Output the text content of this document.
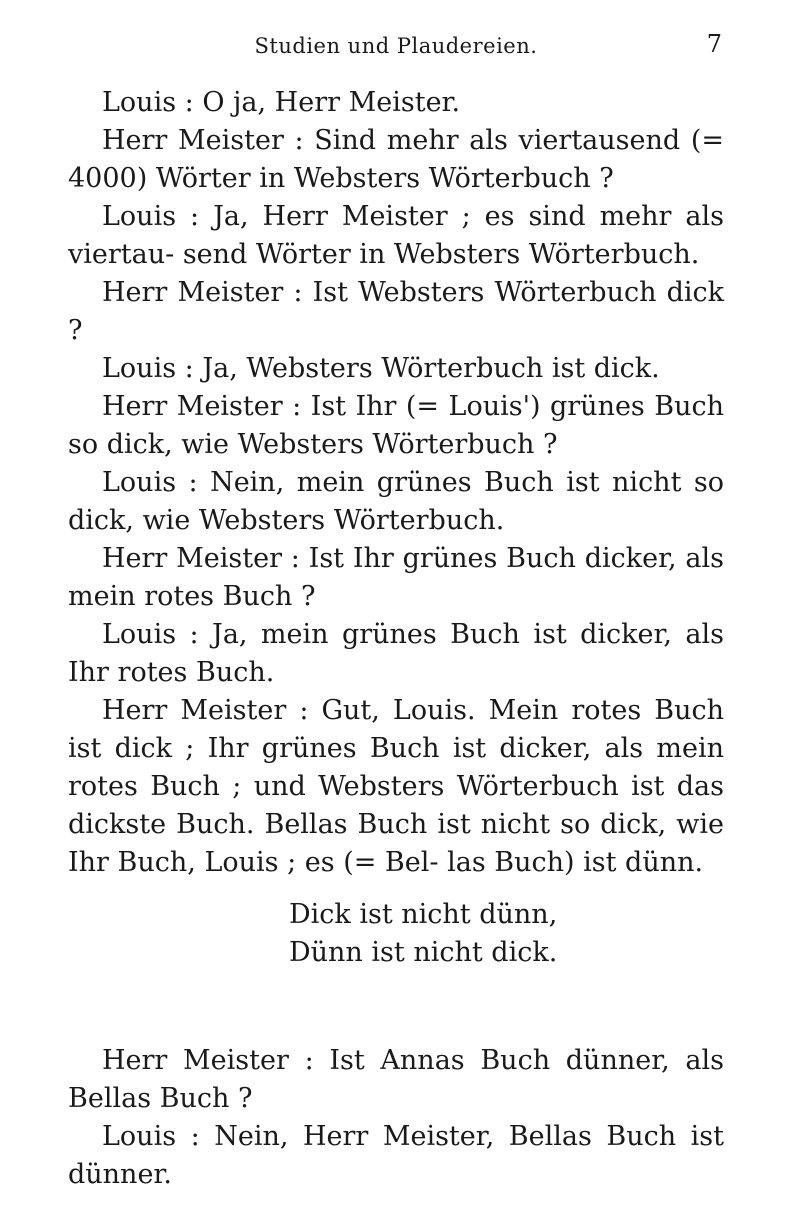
Studien und Plaudereien.	7

Louis : O ja, Herr Meister.

Herr Meister : Sind mehr als viertausend (= 4000) Wörter in Websters Wörterbuch ?

Louis : Ja, Herr Meister ; es sind mehr als viertau- send Wörter in Websters Wörterbuch.

Herr Meister : Ist Websters Wörterbuch dick ?

Louis : Ja, Websters Wörterbuch ist dick.

Herr Meister : Ist Ihr (= Louis') grünes Buch so dick, wie Websters Wörterbuch ?

Louis : Nein, mein grünes Buch ist nicht so dick, wie Websters Wörterbuch.

Herr Meister : Ist Ihr grünes Buch dicker, als mein rotes Buch ?

Louis : Ja, mein grünes Buch ist dicker, als Ihr rotes Buch.

Herr Meister : Gut, Louis. Mein rotes Buch ist dick ; Ihr grünes Buch ist dicker, als mein rotes Buch ; und Websters Wörterbuch ist das dickste Buch. Bellas Buch ist nicht so dick, wie Ihr Buch, Louis ; es (= Bel- las Buch) ist dünn.

Dick ist nicht dünn,
Dünn ist nicht dick.

Herr Meister : Ist Annas Buch dünner, als Bellas Buch ?

Louis : Nein, Herr Meister, Bellas Buch ist dünner.
